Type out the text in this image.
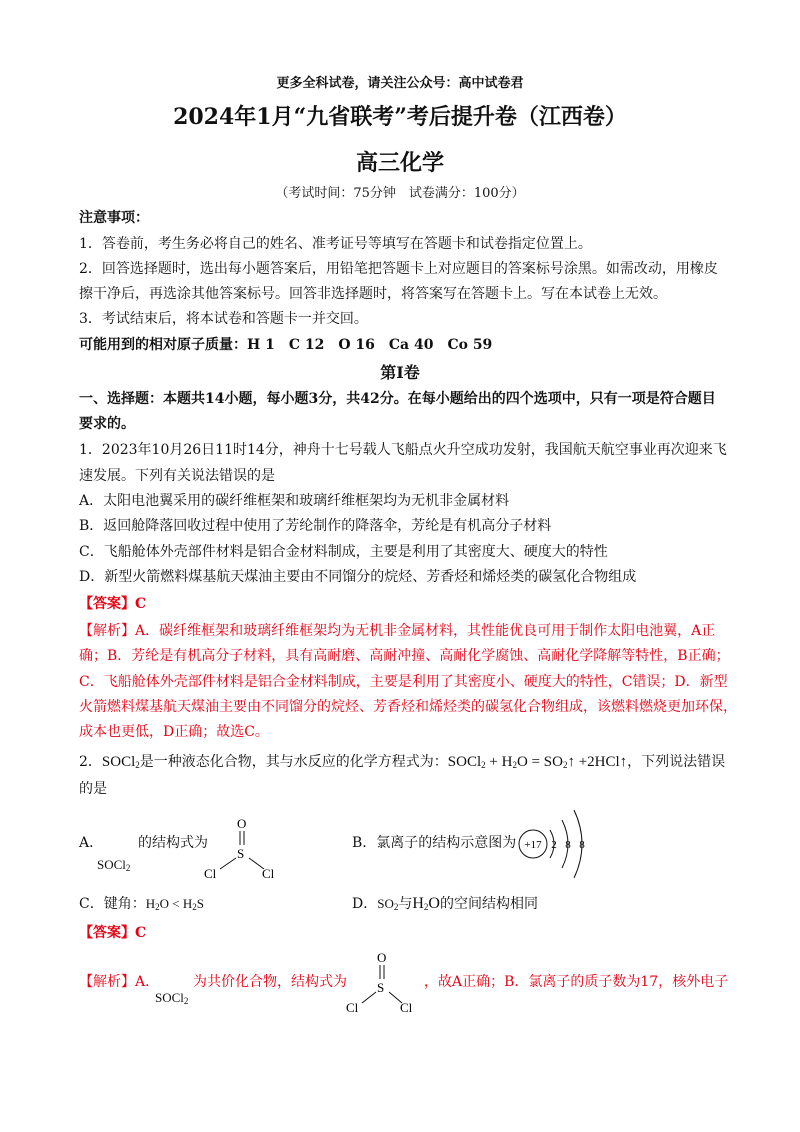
更多全科试卷，请关注公众号：高中试卷君
2024年1月“九省联考”考后提升卷（江西卷）
高三化学
（考试时间：75分钟　试卷满分：100分）
注意事项：
1．答卷前，考生务必将自己的姓名、准考证号等填写在答题卡和试卷指定位置上。
2．回答选择题时，选出每小题答案后，用铅笔把答题卡上对应题目的答案标号涂黑。如需改动，用橡皮
擦干净后，再选涂其他答案标号。回答非选择题时，将答案写在答题卡上。写在本试卷上无效。
3．考试结束后，将本试卷和答题卡一并交回。
可能用到的相对原子质量：H 1　C 12　O 16　Ca 40　Co 59
第Ⅰ卷
一、选择题：本题共14小题，每小题3分，共42分。在每小题给出的四个选项中，只有一项是符合题目
要求的。
1．2023年10月26日11时14分，神舟十七号载人飞船点火升空成功发射，我国航天航空事业再次迎来飞
速发展。下列有关说法错误的是
A．太阳电池翼采用的碳纤维框架和玻璃纤维框架均为无机非金属材料
B．返回舱降落回收过程中使用了芳纶制作的降落伞，芳纶是有机高分子材料
C．飞船舱体外壳部件材料是铝合金材料制成，主要是利用了其密度大、硬度大的特性
D．新型火箭燃料煤基航天煤油主要由不同馏分的烷烃、芳香烃和烯烃类的碳氢化合物组成
【答案】C
【解析】A．碳纤维框架和玻璃纤维框架均为无机非金属材料，其性能优良可用于制作太阳电池翼，A正
确；B．芳纶是有机高分子材料，具有高耐磨、高耐冲撞、高耐化学腐蚀、高耐化学降解等特性，B正确；
C．飞船舱体外壳部件材料是铝合金材料制成，主要是利用了其密度小、硬度大的特性，C错误；D．新型
火箭燃料煤基航天煤油主要由不同馏分的烷烃、芳香烃和烯烃类的碳氢化合物组成，该燃料燃烧更加环保，
成本也更低，D正确；故选C。
2．SOCl$_2$是一种液态化合物，其与水反应的化学方程式为：SOCl$_2$ + $H_2O$ = $SO_2↑$ +2HCl↑，下列说法错误
的是
A． 的结构式为
SOCl$_2$
O
S
Cl	Cl
B．氯离子的结构示意图为 +17 2 8 8
C．键角：$H_2O < H_2S$	D．$SO_2$与$H_2O$的空间结构相同
【答案】C
【解析】A．
SOCl$_2$
为共价化合物，结构式为
O
S
Cl	Cl
，故A正确；B．氯离子的质子数为17，核外电子
